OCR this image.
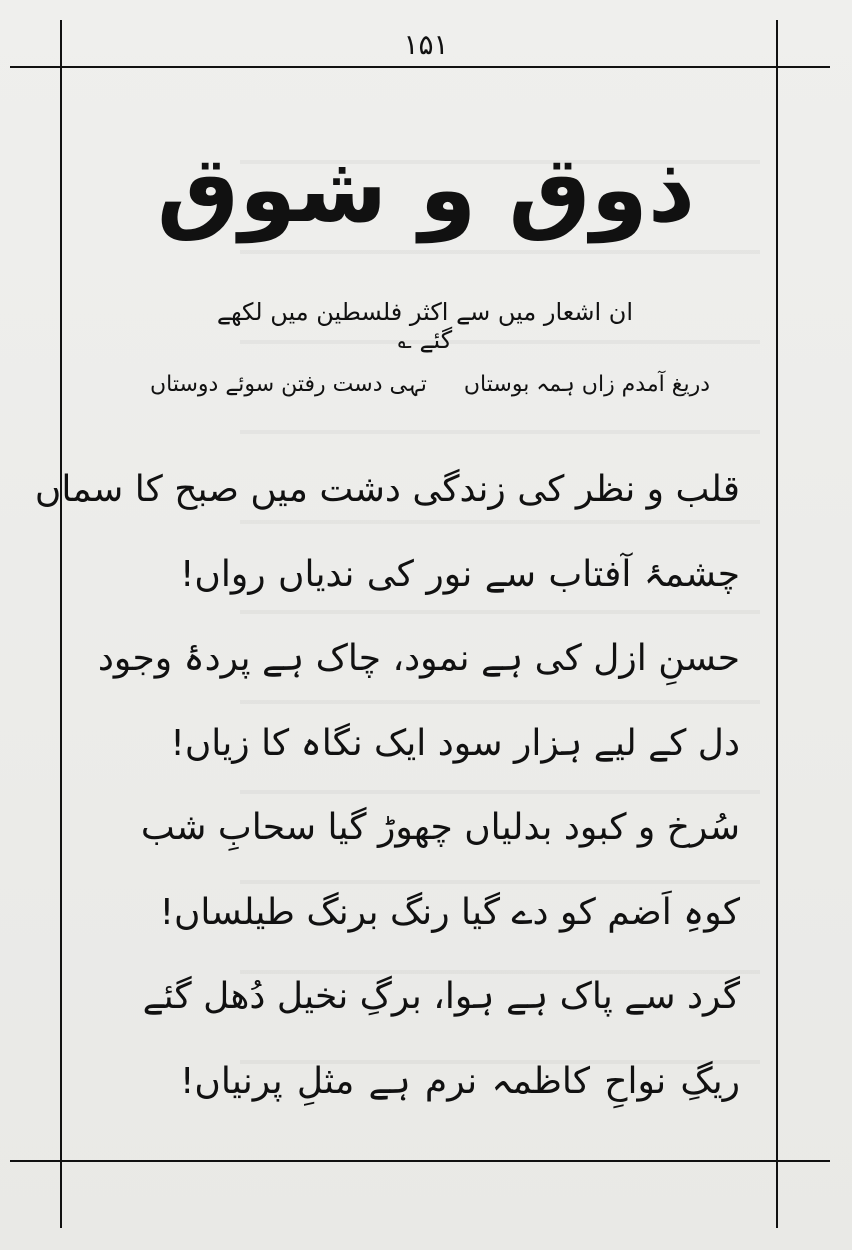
۱۵۱
ذوق و شوق
ان اشعار میں سے اکثر فلسطین میں لکھے گئے ؎
دریغ آمدم زاں ہمہ بوستاں
تہی دست رفتن سوئے دوستاں
قلب و نظر کی زندگی دشت میں صبح کا سماں
چشمۂ آفتاب سے نور کی ندیاں رواں!
حسنِ ازل کی ہے نمود، چاک ہے پردۂ وجود
دل کے لیے ہزار سود ایک نگاہ کا زیاں!
سُرخ و کبود بدلیاں چھوڑ گیا سحابِ شب
کوہِ اَضم کو دے گیا رنگ برنگ طیلساں!
گرد سے پاک ہے ہوا، برگِ نخیل دُھل گئے
ریگِ نواحِ کاظمہ نرم ہے مثلِ پرنیاں!
